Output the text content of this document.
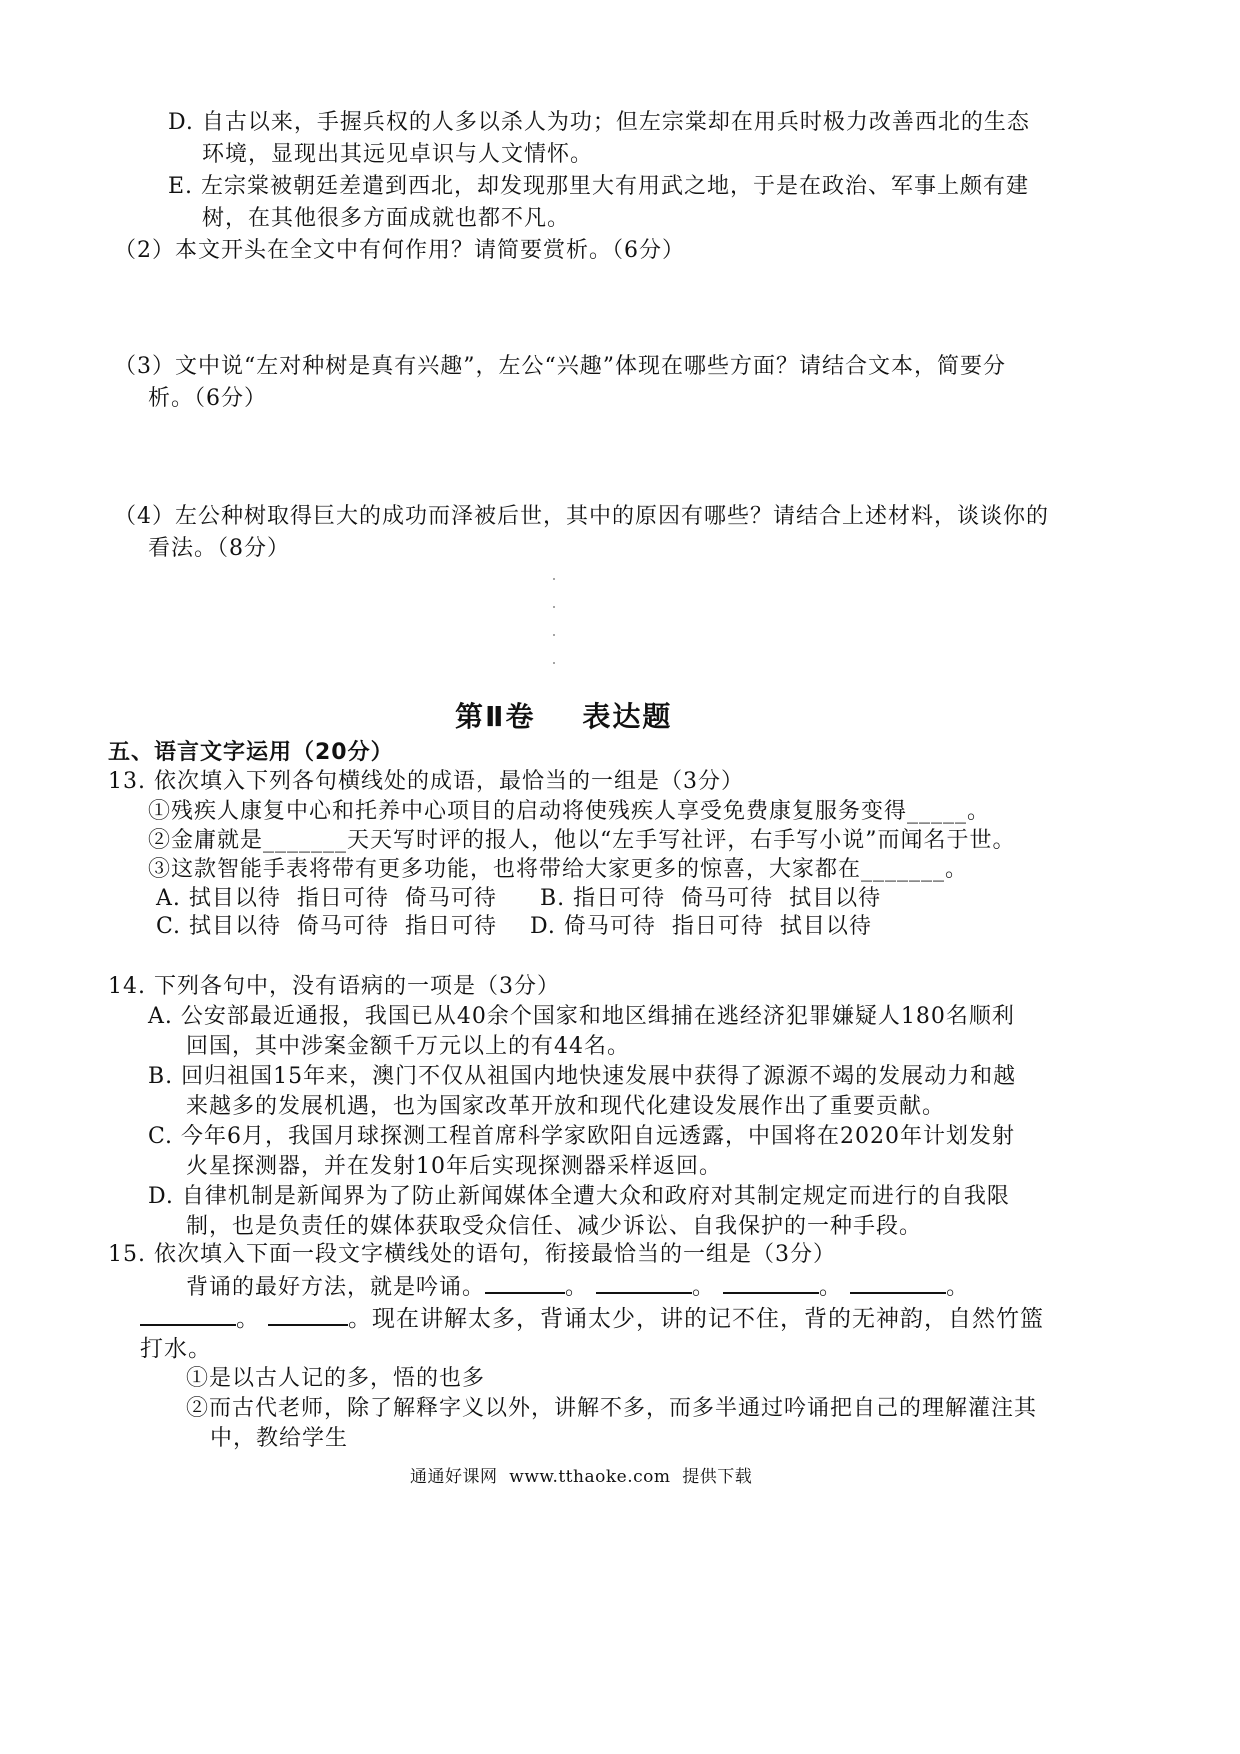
D. 自古以来，手握兵权的人多以杀人为功；但左宗棠却在用兵时极力改善西北的生态
环境，显现出其远见卓识与人文情怀。
E. 左宗棠被朝廷差遣到西北，却发现那里大有用武之地，于是在政治、军事上颇有建
树，在其他很多方面成就也都不凡。
（2）本文开头在全文中有何作用？请简要赏析。（6分）
（3）文中说“左对种树是真有兴趣”，左公“兴趣”体现在哪些方面？请结合文本，简要分
析。（6分）
（4）左公种树取得巨大的成功而泽被后世，其中的原因有哪些？请结合上述材料，谈谈你的
看法。（8分）
第Ⅱ卷    表达题
五、语言文字运用（20分）
13. 依次填入下列各句横线处的成语，最恰当的一组是（3分）
①残疾人康复中心和托养中心项目的启动将使残疾人享受免费康复服务变得_____。
②金庸就是_______天天写时评的报人，他以“左手写社评，右手写小说”而闻名于世。
③这款智能手表将带有更多功能，也将带给大家更多的惊喜，大家都在_______。
A. 拭目以待  指日可待  倚马可待 B. 指日可待  倚马可待  拭目以待
C. 拭目以待  倚马可待  指日可待 D. 倚马可待  指日可待  拭目以待
14. 下列各句中，没有语病的一项是（3分）
A. 公安部最近通报，我国已从40余个国家和地区缉捕在逃经济犯罪嫌疑人180名顺利
回国，其中涉案金额千万元以上的有44名。
B. 回归祖国15年来，澳门不仅从祖国内地快速发展中获得了源源不竭的发展动力和越
来越多的发展机遇，也为国家改革开放和现代化建设发展作出了重要贡献。
C. 今年6月，我国月球探测工程首席科学家欧阳自远透露，中国将在2020年计划发射
火星探测器，并在发射10年后实现探测器采样返回。
D. 自律机制是新闻界为了防止新闻媒体全遭大众和政府对其制定规定而进行的自我限
制，也是负责任的媒体获取受众信任、减少诉讼、自我保护的一种手段。
15. 依次填入下面一段文字横线处的语句，衔接最恰当的一组是（3分）
背诵的最好方法，就是吟诵。	。	。	。	。
。	。现在讲解太多，背诵太少，讲的记不住，背的无神韵，自然竹篮
打水。
①是以古人记的多，悟的也多
②而古代老师，除了解释字义以外，讲解不多，而多半通过吟诵把自己的理解灌注其
中，教给学生
通通好课网  www.tthaoke.com  提供下载
